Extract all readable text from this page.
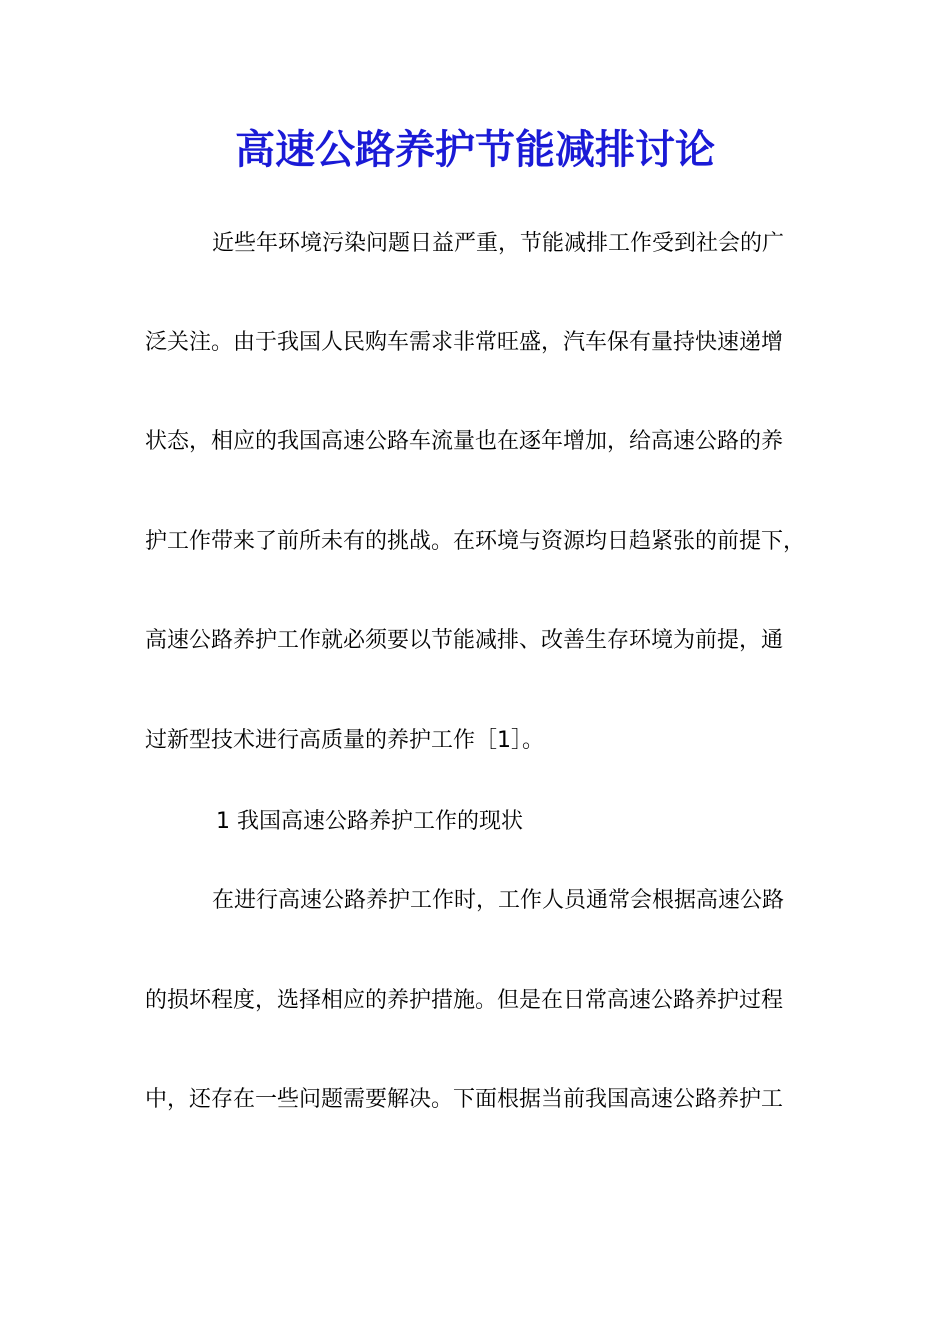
高速公路养护节能减排讨论
近些年环境污染问题日益严重，节能减排工作受到社会的广
泛关注。由于我国人民购车需求非常旺盛，汽车保有量持快速递增
状态，相应的我国高速公路车流量也在逐年增加，给高速公路的养
护工作带来了前所未有的挑战。在环境与资源均日趋紧张的前提下，
高速公路养护工作就必须要以节能减排、改善生存环境为前提，通
过新型技术进行高质量的养护工作［1］。
1 我国高速公路养护工作的现状
在进行高速公路养护工作时，工作人员通常会根据高速公路
的损坏程度，选择相应的养护措施。但是在日常高速公路养护过程
中，还存在一些问题需要解决。下面根据当前我国高速公路养护工
